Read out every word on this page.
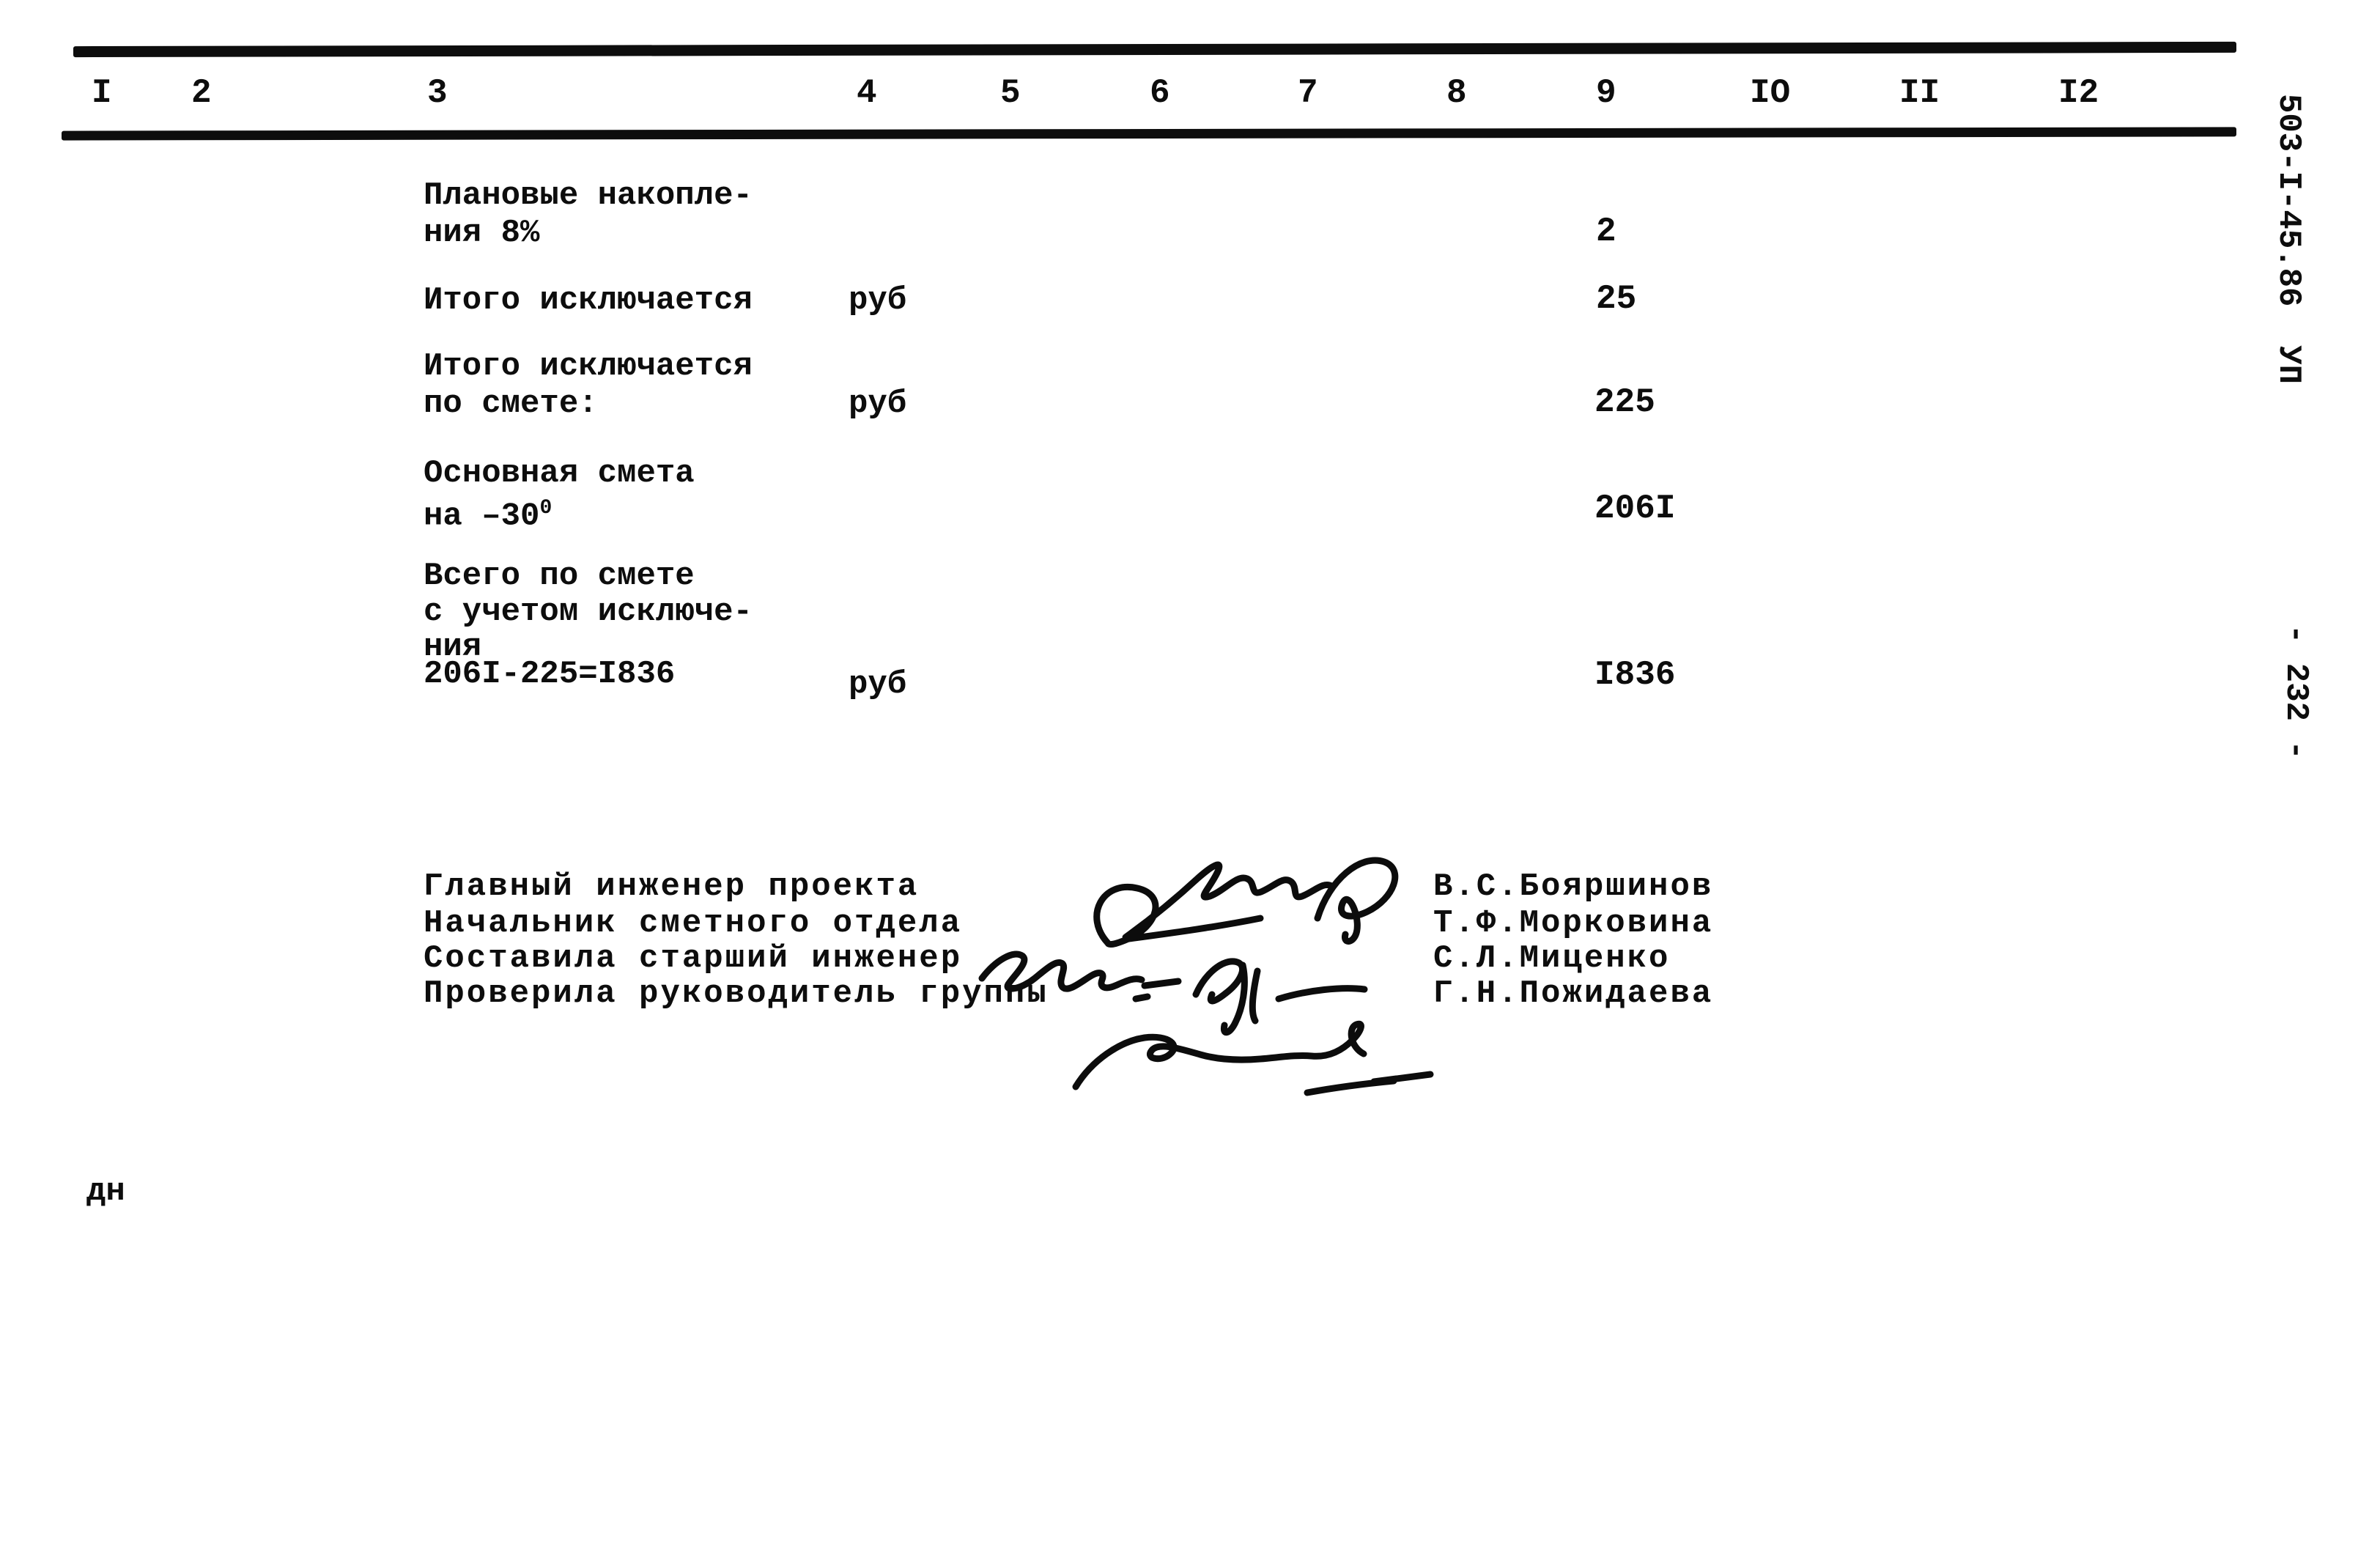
I 2	3	4	5	6	7	8	9	IO	II	I2
Плановые накопле-
ния 8%	2
Итого исключается	руб	25
Итого исключается
по смете:	руб	225
Основная смета
на $-30^0$	206I
Всего по смете
с учетом исключе-
ния
206I-225=I836	руб	I836
Главный инженер проекта
Начальник сметного отдела
Составила старший инженер
Проверила руководитель группы
В.С.Бояршинов
Т.Ф.Морковина
С.Л.Миценко
Г.Н.Пожидаева
503-I-45.86  УП
- 232 -
дн
